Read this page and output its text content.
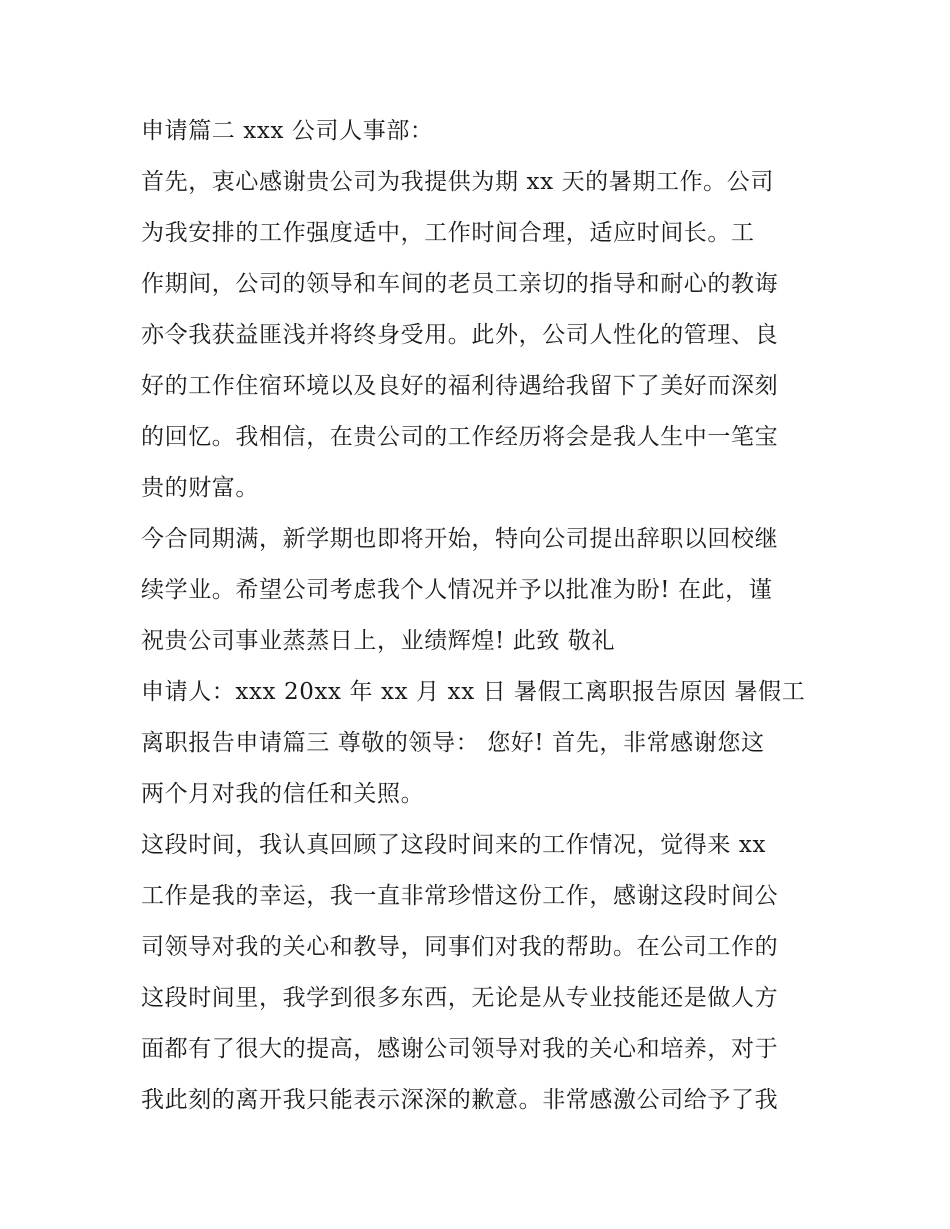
申请篇二 xxx 公司人事部：
首先，衷心感谢贵公司为我提供为期 xx 天的暑期工作。公司
为我安排的工作强度适中，工作时间合理，适应时间长。工
作期间，公司的领导和车间的老员工亲切的指导和耐心的教诲
亦令我获益匪浅并将终身受用。此外，公司人性化的管理、良
好的工作住宿环境以及良好的福利待遇给我留下了美好而深刻
的回忆。我相信，在贵公司的工作经历将会是我人生中一笔宝
贵的财富。
今合同期满，新学期也即将开始，特向公司提出辞职以回校继
续学业。希望公司考虑我个人情况并予以批准为盼! 在此，谨
祝贵公司事业蒸蒸日上，业绩辉煌! 此致 敬礼
申请人：xxx 20xx 年 xx 月 xx 日 暑假工离职报告原因 暑假工
离职报告申请篇三 尊敬的领导： 您好! 首先，非常感谢您这
两个月对我的信任和关照。
这段时间，我认真回顾了这段时间来的工作情况，觉得来 xx
工作是我的幸运，我一直非常珍惜这份工作，感谢这段时间公
司领导对我的关心和教导，同事们对我的帮助。在公司工作的
这段时间里，我学到很多东西，无论是从专业技能还是做人方
面都有了很大的提高，感谢公司领导对我的关心和培养，对于
我此刻的离开我只能表示深深的歉意。非常感激公司给予了我
